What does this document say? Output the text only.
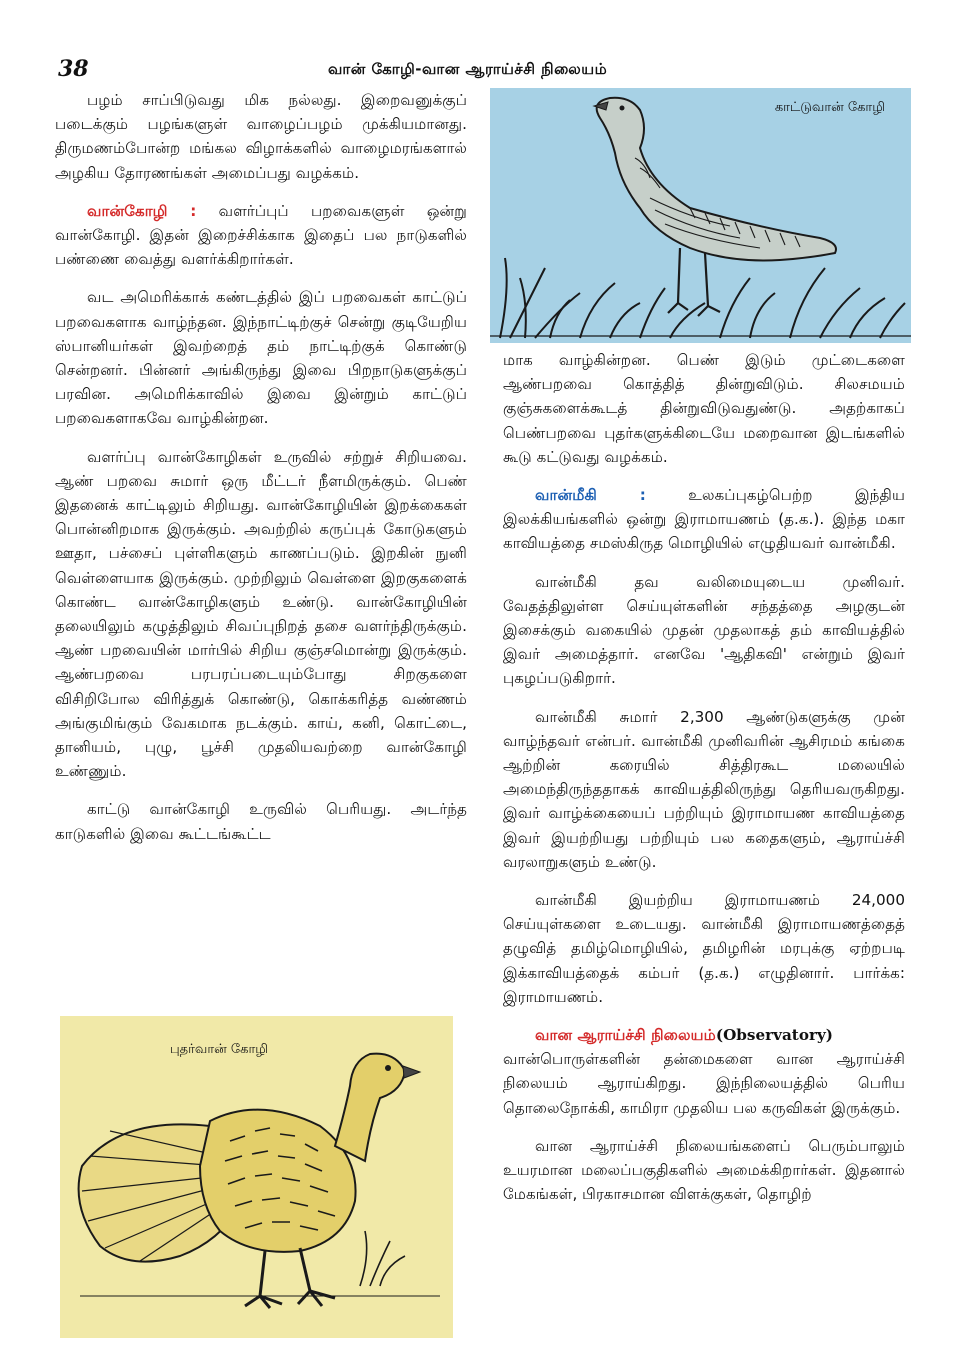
38	வான் கோழி-வான ஆராய்ச்சி நிலையம்

பழம் சாப்பிடுவது மிக நல்லது. இறைவனுக்குப் படைக்கும் பழங்களுள் வாழைப்பழம் முக்கியமானது. திருமணம்போன்ற மங்கல விழாக்களில் வாழைமரங்களால் அழகிய தோரணங்கள் அமைப்பது வழக்கம்.

வான்கோழி : வளர்ப்புப் பறவைகளுள் ஒன்று வான்கோழி. இதன் இறைச்சிக்காக இதைப் பல நாடுகளில் பண்ணை வைத்து வளர்க்கிறார்கள்.

வட அமெரிக்காக் கண்டத்தில் இப் பறவைகள் காட்டுப் பறவைகளாக வாழ்ந்தன. இந்நாட்டிற்குச் சென்று குடியேறிய ஸ்பானியர்கள் இவற்றைத் தம் நாட்டிற்குக் கொண்டு சென்றனர். பின்னர் அங்கிருந்து இவை பிறநாடுகளுக்குப் பரவின. அமெரிக்காவில் இவை இன்றும் காட்டுப் பறவைகளாகவே வாழ்கின்றன.

வளர்ப்பு வான்கோழிகள் உருவில் சற்றுச் சிறியவை. ஆண் பறவை சுமார் ஒரு மீட்டர் நீளமிருக்கும். பெண் இதனைக் காட்டிலும் சிறியது. வான்கோழியின் இறக்கைகள் பொன்னிறமாக இருக்கும். அவற்றில் கருப்புக் கோடுகளும் ஊதா, பச்சைப் புள்ளிகளும் காணப்படும். இறகின் நுனி வெள்ளையாக இருக்கும். முற்றிலும் வெள்ளை இறகுகளைக் கொண்ட வான்கோழிகளும் உண்டு. வான்கோழியின் தலையிலும் கழுத்திலும் சிவப்புநிறத் தசை வளர்ந்திருக்கும். ஆண் பறவையின் மார்பில் சிறிய குஞ்சமொன்று இருக்கும். ஆண்பறவை பரபரப்படையும்போது சிறகுகளை விசிறிபோல விரித்துக் கொண்டு, கொக்கரித்த வண்ணம் அங்குமிங்கும் வேகமாக நடக்கும். காய், கனி, கொட்டை, தானியம், புழு, பூச்சி முதலியவற்றை வான்கோழி உண்ணும்.

காட்டு வான்கோழி உருவில் பெரியது. அடர்ந்த காடுகளில் இவை கூட்டங்கூட்ட

காட்டுவான் கோழி

மாக வாழ்கின்றன. பெண் இடும் முட்டைகளை ஆண்பறவை கொத்தித் தின்றுவிடும். சிலசமயம் குஞ்சுகளைக்கூடத் தின்றுவிடுவதுண்டு. அதற்காகப் பெண்பறவை புதர்களுக்கிடையே மறைவான இடங்களில் கூடு கட்டுவது வழக்கம்.

வான்மீகி : உலகப்புகழ்பெற்ற இந்திய இலக்கியங்களில் ஒன்று இராமாயணம் (த.க.). இந்த மகா காவியத்தை சமஸ்கிருத மொழியில் எழுதியவர் வான்மீகி.

வான்மீகி தவ வலிமையுடைய முனிவர். வேதத்திலுள்ள செய்யுள்களின் சந்தத்தை அழகுடன் இசைக்கும் வகையில் முதன் முதலாகத் தம் காவியத்தில் இவர் அமைத்தார். எனவே 'ஆதிகவி' என்றும் இவர் புகழப்படுகிறார்.

வான்மீகி சுமார் 2,300 ஆண்டுகளுக்கு முன் வாழ்ந்தவர் என்பர். வான்மீகி முனிவரின் ஆசிரமம் கங்கை ஆற்றின் கரையில் சித்திரகூட மலையில் அமைந்திருந்ததாகக் காவியத்திலிருந்து தெரியவருகிறது. இவர் வாழ்க்கையைப் பற்றியும் இராமாயண காவியத்தை இவர் இயற்றியது பற்றியும் பல கதைகளும், ஆராய்ச்சி வரலாறுகளும் உண்டு.

வான்மீகி இயற்றிய இராமாயணம் 24,000 செய்யுள்களை உடையது. வான்மீகி இராமாயணத்தைத் தழுவித் தமிழ்மொழியில், தமிழரின் மரபுக்கு ஏற்றபடி இக்காவியத்தைக் கம்பர் (த.க.) எழுதினார். பார்க்க: இராமாயணம்.

வான ஆராய்ச்சி நிலையம்(Observatory)
வான்பொருள்களின் தன்மைகளை வான ஆராய்ச்சி நிலையம் ஆராய்கிறது. இந்நிலையத்தில் பெரிய தொலைநோக்கி, காமிரா முதலிய பல கருவிகள் இருக்கும்.

வான ஆராய்ச்சி நிலையங்களைப் பெரும்பாலும் உயரமான மலைப்பகுதிகளில் அமைக்கிறார்கள். இதனால் மேகங்கள், பிரகாசமான விளக்குகள், தொழிற்

புதர்வான் கோழி
